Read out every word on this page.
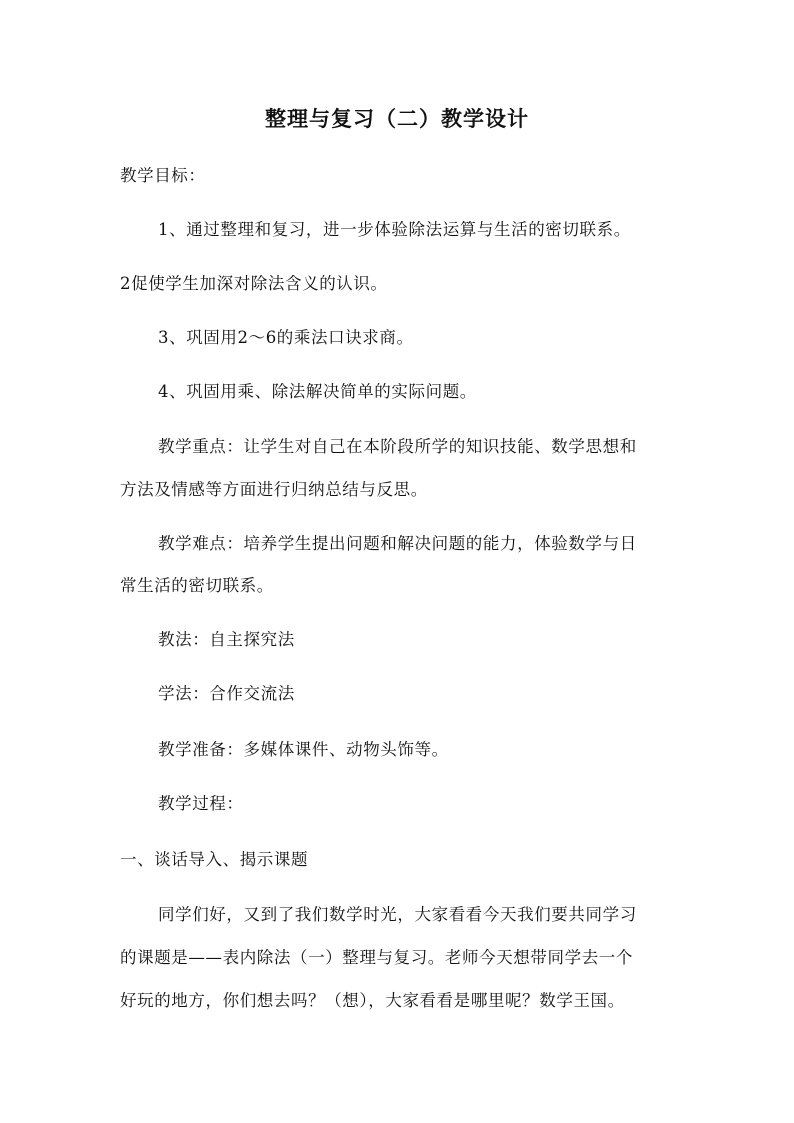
整理与复习（二）教学设计
教学目标：
1、通过整理和复习，进一步体验除法运算与生活的密切联系。
2促使学生加深对除法含义的认识。
3、巩固用2～6的乘法口诀求商。
4、巩固用乘、除法解决简单的实际问题。
教学重点：让学生对自己在本阶段所学的知识技能、数学思想和
方法及情感等方面进行归纳总结与反思。
教学难点：培养学生提出问题和解决问题的能力，体验数学与日
常生活的密切联系。
教法：自主探究法
学法：合作交流法
教学准备：多媒体课件、动物头饰等。
教学过程：
一、谈话导入、揭示课题
同学们好，又到了我们数学时光，大家看看今天我们要共同学习
的课题是——表内除法（一）整理与复习。老师今天想带同学去一个
好玩的地方，你们想去吗？（想），大家看看是哪里呢？数学王国。
